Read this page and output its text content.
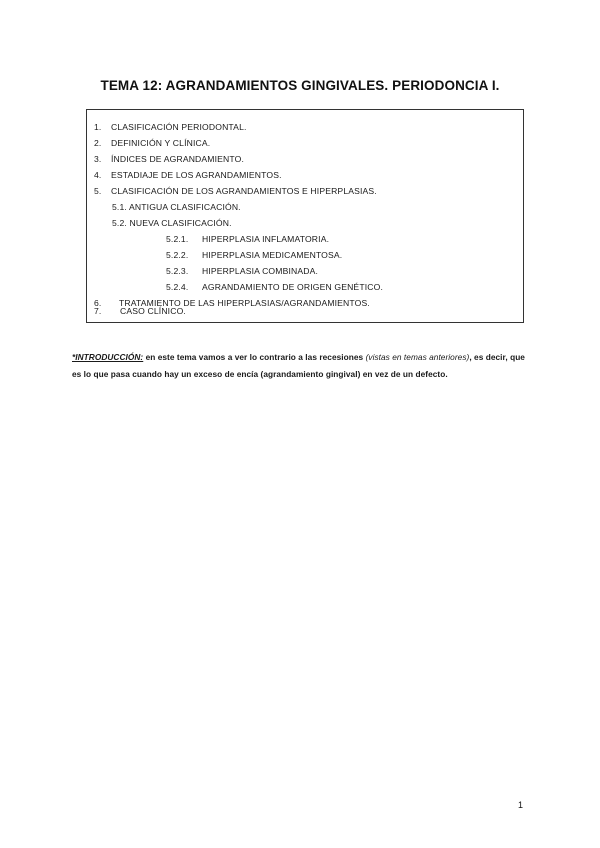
TEMA 12: AGRANDAMIENTOS GINGIVALES. PERIODONCIA I.
1. CLASIFICACIÓN PERIODONTAL.
2. DEFINICIÓN Y CLÍNICA.
3. ÍNDICES DE AGRANDAMIENTO.
4. ESTADIAJE DE LOS AGRANDAMIENTOS.
5. CLASIFICACIÓN DE LOS AGRANDAMIENTOS E HIPERPLASIAS.
5.1. ANTIGUA CLASIFICACIÓN.
5.2. NUEVA CLASIFICACIÓN.
5.2.1. HIPERPLASIA INFLAMATORIA.
5.2.2. HIPERPLASIA MEDICAMENTOSA.
5.2.3. HIPERPLASIA COMBINADA.
5.2.4. AGRANDAMIENTO DE ORIGEN GENÉTICO.
6. TRATAMIENTO DE LAS HIPERPLASIAS/AGRANDAMIENTOS.
7. CASO CLÍNICO.
*INTRODUCCIÓN: en este tema vamos a ver lo contrario a las recesiones (vistas en temas anteriores), es decir, que es lo que pasa cuando hay un exceso de encía (agrandamiento gingival) en vez de un defecto.
1
